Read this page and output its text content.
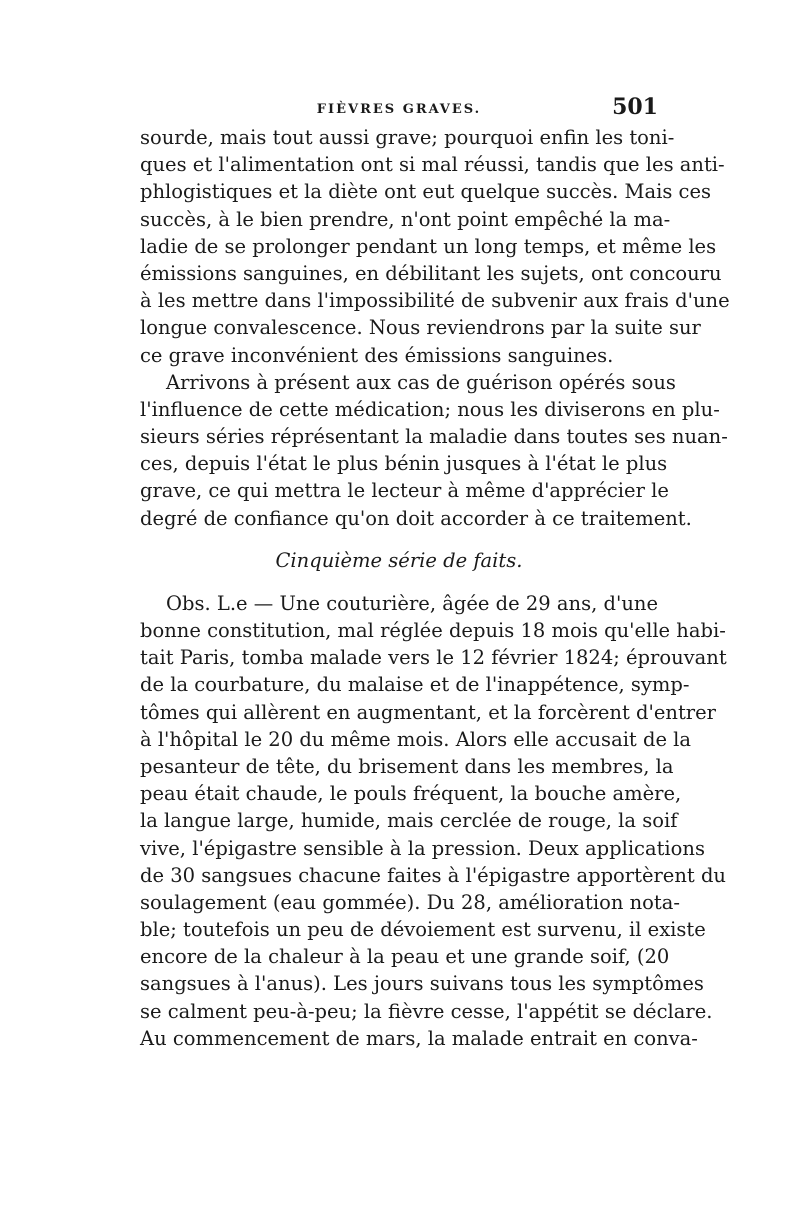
FIÈVRES GRAVES.	501
sourde, mais tout aussi grave; pourquoi enfin les toni-
ques et l'alimentation ont si mal réussi, tandis que les anti-
phlogistiques et la diète ont eut quelque succès. Mais ces
succès, à le bien prendre, n'ont point empêché la ma-
ladie de se prolonger pendant un long temps, et même les
émissions sanguines, en débilitant les sujets, ont concouru
à les mettre dans l'impossibilité de subvenir aux frais d'une
longue convalescence. Nous reviendrons par la suite sur
ce grave inconvénient des émissions sanguines.
Arrivons à présent aux cas de guérison opérés sous
l'influence de cette médication; nous les diviserons en plu-
sieurs séries réprésentant la maladie dans toutes ses nuan-
ces, depuis l'état le plus bénin jusques à l'état le plus
grave, ce qui mettra le lecteur à même d'apprécier le
degré de confiance qu'on doit accorder à ce traitement.
Cinquième série de faits.
Obs. L.e — Une couturière, âgée de 29 ans, d'une
bonne constitution, mal réglée depuis 18 mois qu'elle habi-
tait Paris, tomba malade vers le 12 février 1824; éprouvant
de la courbature, du malaise et de l'inappétence, symp-
tômes qui allèrent en augmentant, et la forcèrent d'entrer
à l'hôpital le 20 du même mois. Alors elle accusait de la
pesanteur de tête, du brisement dans les membres, la
peau était chaude, le pouls fréquent, la bouche amère,
la langue large, humide, mais cerclée de rouge, la soif
vive, l'épigastre sensible à la pression. Deux applications
de 30 sangsues chacune faites à l'épigastre apportèrent du
soulagement (eau gommée). Du 28, amélioration nota-
ble; toutefois un peu de dévoiement est survenu, il existe
encore de la chaleur à la peau et une grande soif, (20
sangsues à l'anus). Les jours suivans tous les symptômes
se calment peu-à-peu; la fièvre cesse, l'appétit se déclare.
Au commencement de mars, la malade entrait en conva-
